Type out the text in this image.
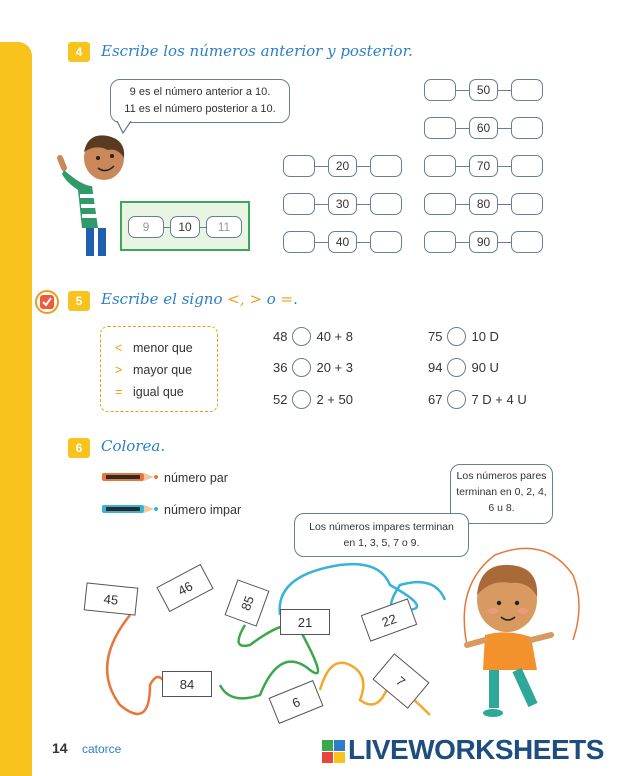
4	Escribe los números anterior y posterior.
9 es el número anterior a 10.
11 es el número posterior a 10.
9	10	11
20
30
40
50
60
70
80
90
5	Escribe el signo <, > o =.
< menor que
> mayor que
= igual que
48 40 + 8
36 20 + 3
52 2 + 50
75 10 D
94 90 U
67 7 D + 4 U
6	Colorea.
número par
número impar
Los números pares terminan en 0, 2, 4, 6 u 8.
Los números impares terminan en 1, 3, 5, 7 o 9.
45
46
85
21	22
84
6
7
14 catorce	LIVEWORKSHEETS
